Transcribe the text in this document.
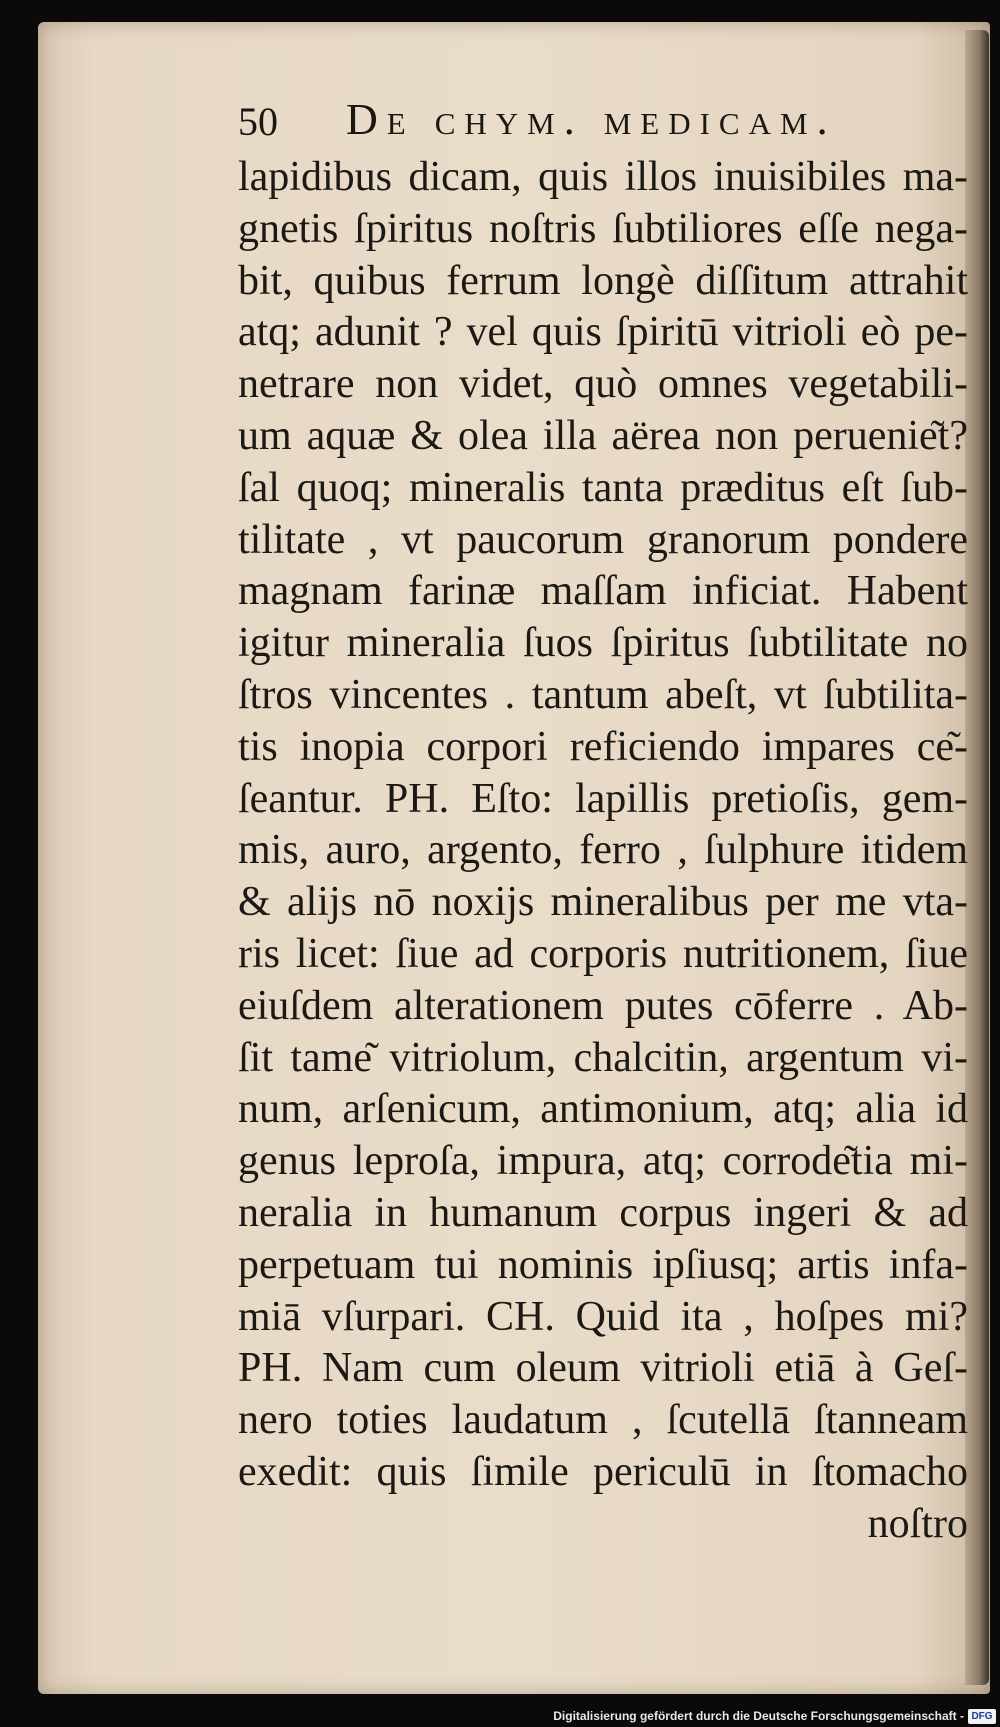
50 De chym. medicam.
lapidibus dicam, quis illos inuisibiles ma-
gnetis ſpiritus noſtris ſubtiliores eſſe nega-
bit, quibus ferrum longè diſſitum attrahit
atq; adunit ? vel quis ſpiritū vitrioli eò pe-
netrare non videt, quò omnes vegetabili-
um aquæ & olea illa aërea non peruenie͂t?
ſal quoq; mineralis tanta præditus eſt ſub-
tilitate , vt paucorum granorum pondere
magnam farinæ maſſam inficiat. Habent
igitur mineralia ſuos ſpiritus ſubtilitate no
ſtros vincentes . tantum abeſt, vt ſubtilita-
tis inopia corpori reficiendo impares ce͂-
ſeantur. PH. Eſto: lapillis pretioſis, gem-
mis, auro, argento, ferro , ſulphure itidem
& alijs nō noxijs mineralibus per me vta-
ris licet: ſiue ad corporis nutritionem, ſiue
eiuſdem alterationem putes cōferre . Ab-
ſit tame͂ vitriolum, chalcitin, argentum vi-
num, arſenicum, antimonium, atq; alia id
genus leproſa, impura, atq; corrode͂tia mi-
neralia in humanum corpus ingeri & ad
perpetuam tui nominis ipſiusq; artis infa-
miā vſurpari. CH. Quid ita , hoſpes mi?
PH. Nam cum oleum vitrioli etiā à Geſ-
nero toties laudatum , ſcutellā ſtanneam
exedit: quis ſimile periculū in ſtomacho
noſtro
Digitalisierung gefördert durch die Deutsche Forschungsgemeinschaft - DFG
